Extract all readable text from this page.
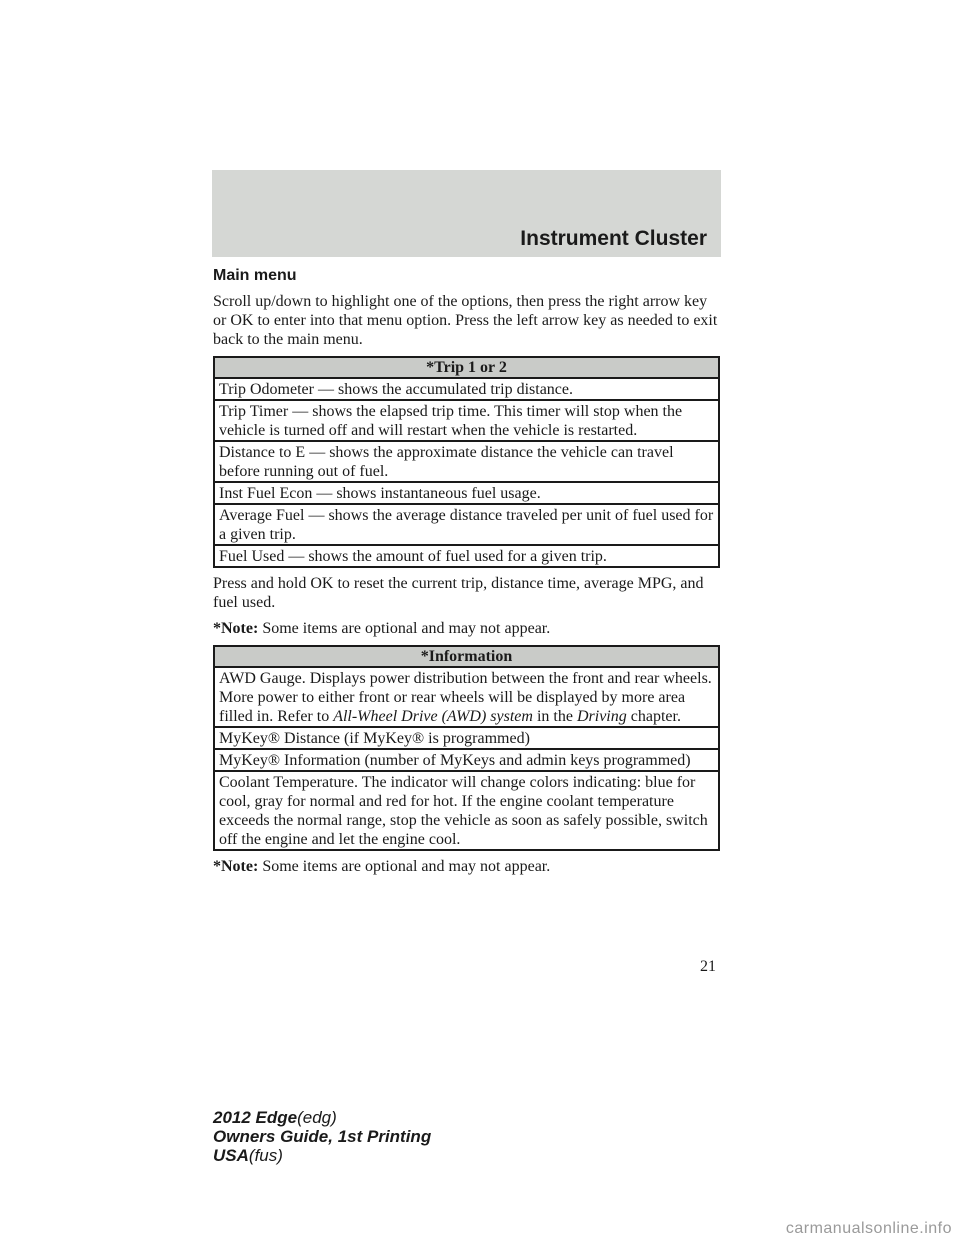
Instrument Cluster
Main menu

Scroll up/down to highlight one of the options, then press the right arrow key or OK to enter into that menu option. Press the left arrow key as needed to exit back to the main menu.

*Trip 1 or 2
Trip Odometer — shows the accumulated trip distance.
Trip Timer — shows the elapsed trip time. This timer will stop when the vehicle is turned off and will restart when the vehicle is restarted.
Distance to E — shows the approximate distance the vehicle can travel before running out of fuel.
Inst Fuel Econ — shows instantaneous fuel usage.
Average Fuel — shows the average distance traveled per unit of fuel used for a given trip.
Fuel Used — shows the amount of fuel used for a given trip.

Press and hold OK to reset the current trip, distance time, average MPG, and fuel used.

*Note: Some items are optional and may not appear.

*Information
AWD Gauge. Displays power distribution between the front and rear wheels. More power to either front or rear wheels will be displayed by more area filled in. Refer to All-Wheel Drive (AWD) system in the Driving chapter.
MyKey® Distance (if MyKey® is programmed)
MyKey® Information (number of MyKeys and admin keys programmed)
Coolant Temperature. The indicator will change colors indicating: blue for cool, gray for normal and red for hot. If the engine coolant temperature exceeds the normal range, stop the vehicle as soon as safely possible, switch off the engine and let the engine cool.

*Note: Some items are optional and may not appear.

21
2012 Edge(edg)
Owners Guide, 1st Printing
USA(fus)
carmanualsonline.info
